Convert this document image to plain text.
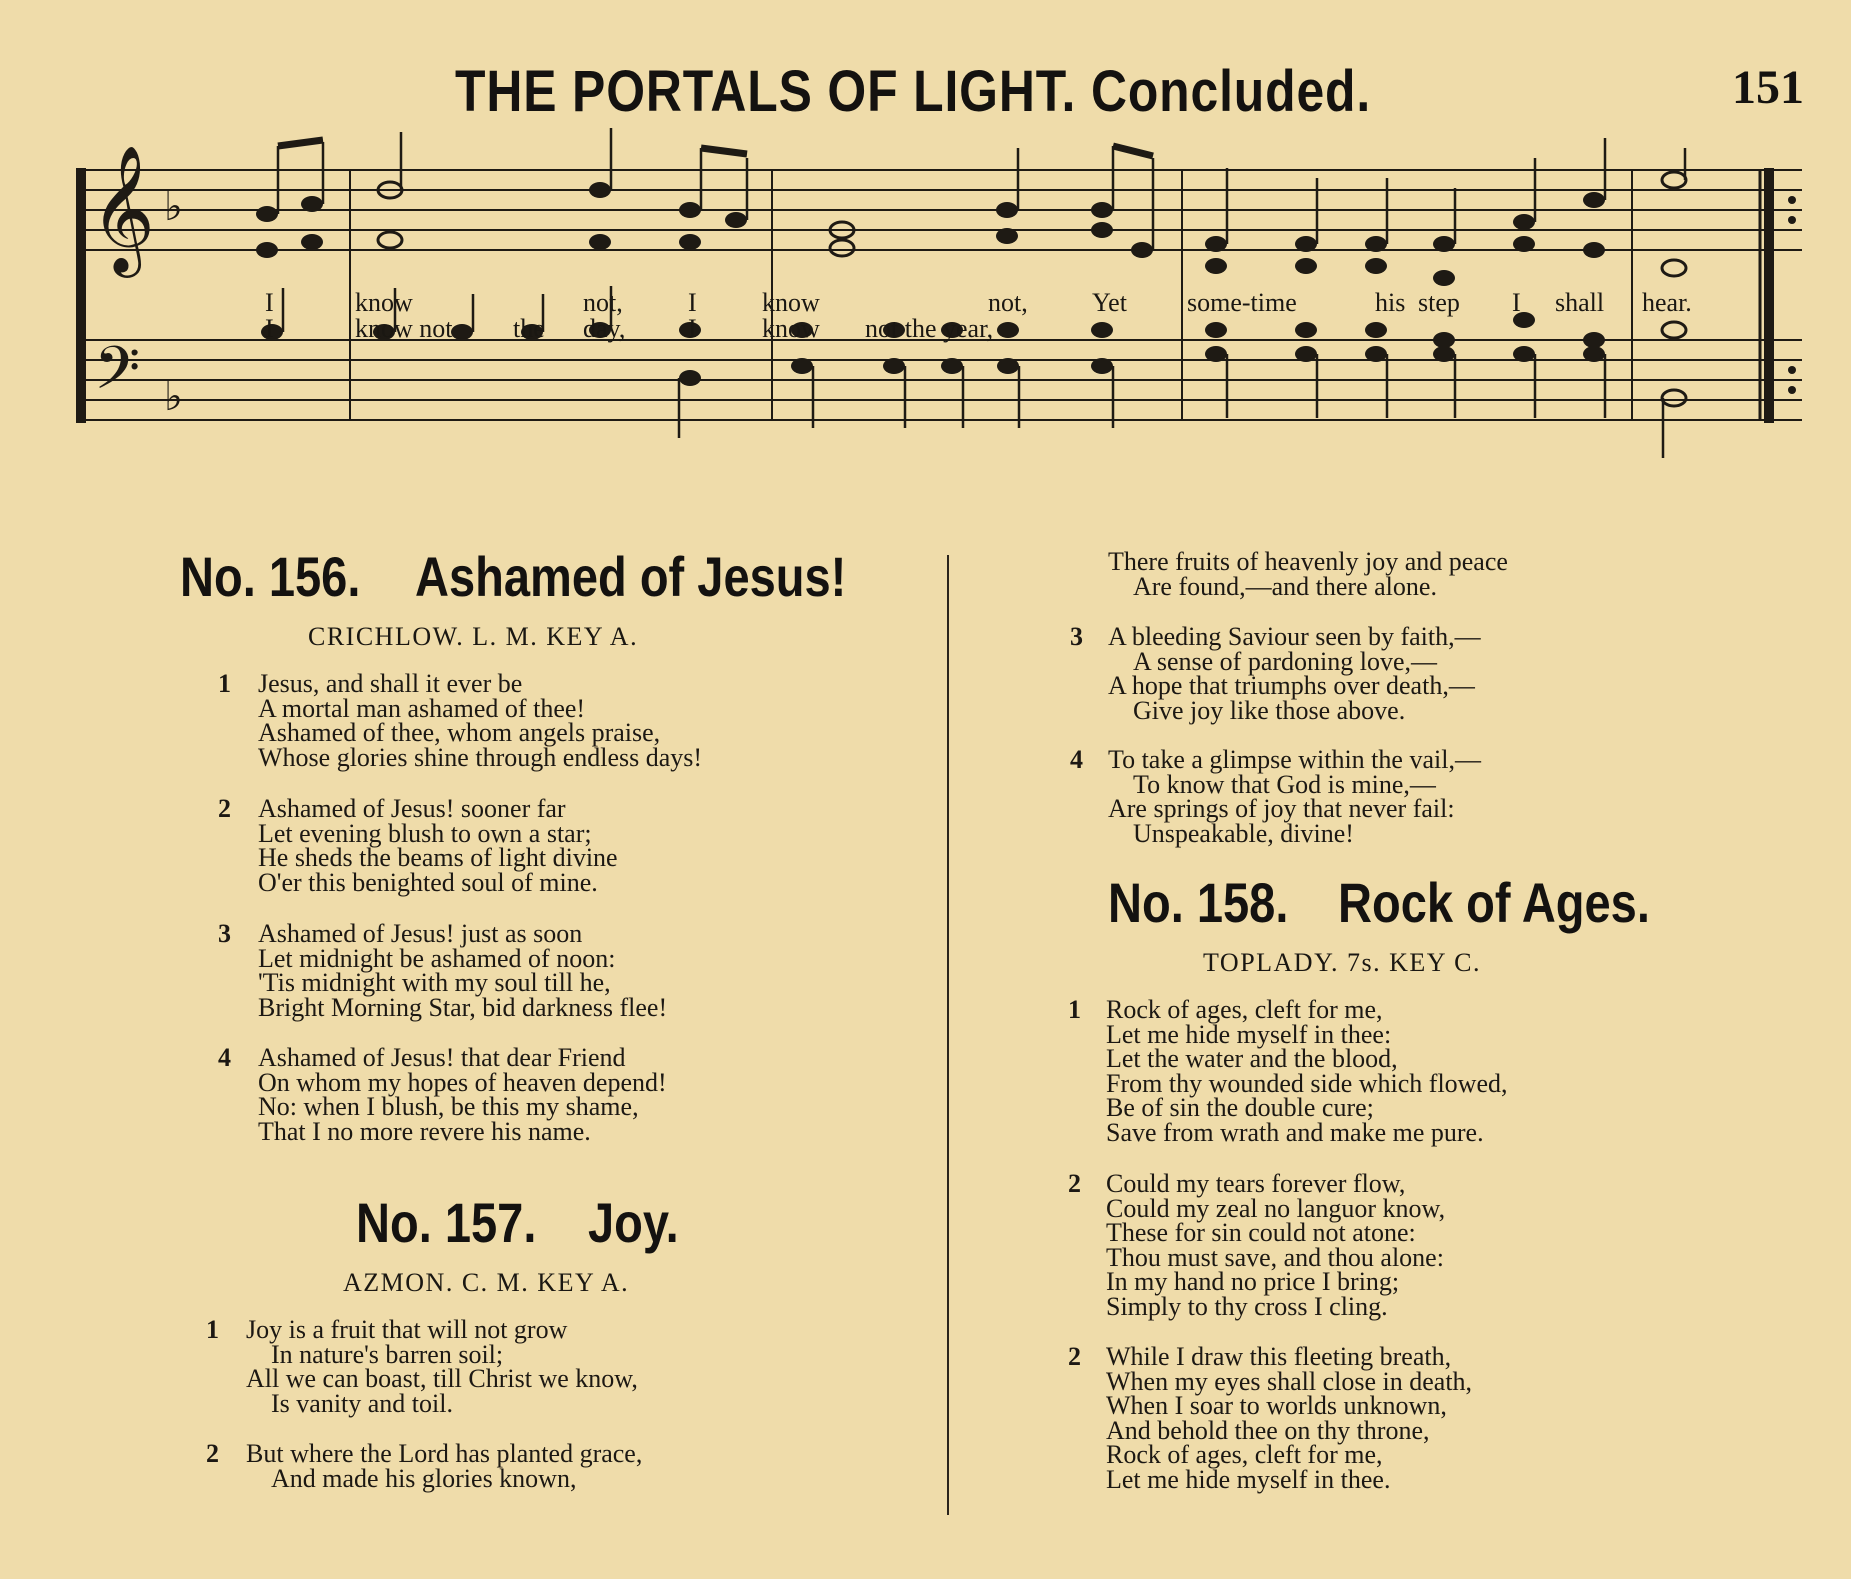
THE PORTALS OF LIGHT. Concluded.	151
𝄞
𝄢
♭
♭
I	know	not,	I	know	not, Yet some-time	his step I shall hear.
I	know not the day, I	know not the year,
No. 156. Ashamed of Jesus!
CRICHLOW. L. M. KEY A.
1 Jesus, and shall it ever be
A mortal man ashamed of thee!
Ashamed of thee, whom angels praise,
Whose glories shine through endless days!
2 Ashamed of Jesus! sooner far
Let evening blush to own a star;
He sheds the beams of light divine
O'er this benighted soul of mine.
3 Ashamed of Jesus! just as soon
Let midnight be ashamed of noon:
'Tis midnight with my soul till he,
Bright Morning Star, bid darkness flee!
4 Ashamed of Jesus! that dear Friend
On whom my hopes of heaven depend!
No: when I blush, be this my shame,
That I no more revere his name.
No. 157. Joy.
AZMON. C. M. KEY A.
1 Joy is a fruit that will not grow
In nature's barren soil;
All we can boast, till Christ we know,
Is vanity and toil.
2 But where the Lord has planted grace,
And made his glories known,
There fruits of heavenly joy and peace
Are found,—and there alone.
3 A bleeding Saviour seen by faith,—
A sense of pardoning love,—
A hope that triumphs over death,—
Give joy like those above.
4 To take a glimpse within the vail,—
To know that God is mine,—
Are springs of joy that never fail:
Unspeakable, divine!
No. 158. Rock of Ages.
TOPLADY. 7s. KEY C.
1 Rock of ages, cleft for me,
Let me hide myself in thee:
Let the water and the blood,
From thy wounded side which flowed,
Be of sin the double cure;
Save from wrath and make me pure.
2 Could my tears forever flow,
Could my zeal no languor know,
These for sin could not atone:
Thou must save, and thou alone:
In my hand no price I bring;
Simply to thy cross I cling.
2 While I draw this fleeting breath,
When my eyes shall close in death,
When I soar to worlds unknown,
And behold thee on thy throne,
Rock of ages, cleft for me,
Let me hide myself in thee.
